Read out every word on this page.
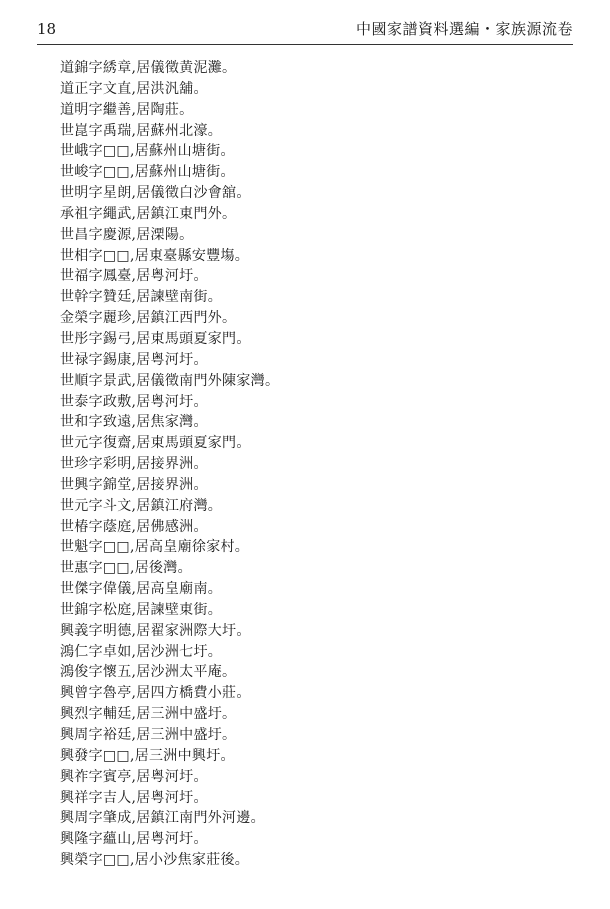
18	中國家譜資料選編・家族源流卷
道錦字綉章,居儀徵黄泥灘。
道正字文直,居洪汎舖。
道明字繼善,居陶莊。
世崑字禹瑞,居蘇州北濠。
世峨字□□,居蘇州山塘街。
世峻字□□,居蘇州山塘街。
世明字星朗,居儀徵白沙會舘。
承祖字繩武,居鎮江東門外。
世昌字慶源,居溧陽。
世相字□□,居東臺縣安豐塲。
世福字鳳臺,居粤河圩。
世幹字贊廷,居諫壁南街。
金榮字麗珍,居鎮江西門外。
世彤字錫弓,居東馬頭夏家門。
世禄字錫康,居粤河圩。
世順字景武,居儀徵南門外陳家灣。
世泰字政敷,居粤河圩。
世和字致遠,居焦家灣。
世元字復齋,居東馬頭夏家門。
世珍字彩明,居接界洲。
世興字錦堂,居接界洲。
世元字斗文,居鎮江府灣。
世椿字蔭庭,居佛感洲。
世魁字□□,居高皇廟徐家村。
世惠字□□,居後灣。
世傑字偉儀,居高皇廟南。
世錦字松庭,居諫壁東街。
興義字明德,居翟家洲際大圩。
鴻仁字卓如,居沙洲七圩。
鴻俊字懷五,居沙洲太平庵。
興曾字魯亭,居四方橋費小莊。
興烈字輔廷,居三洲中盛圩。
興周字裕廷,居三洲中盛圩。
興發字□□,居三洲中興圩。
興祚字賓亭,居粤河圩。
興祥字吉人,居粤河圩。
興周字肇成,居鎮江南門外河邊。
興隆字蘊山,居粤河圩。
興榮字□□,居小沙焦家莊後。
